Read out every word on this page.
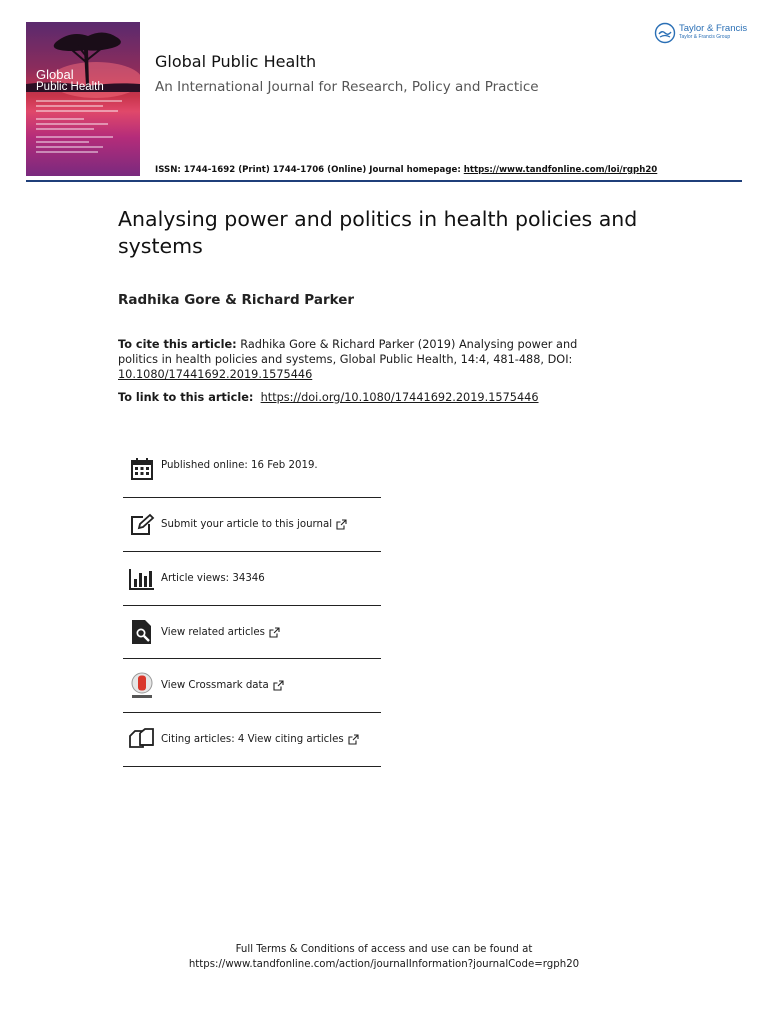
Global
Public Health
Global Public Health
An International Journal for Research, Policy and Practice
ISSN: 1744-1692 (Print) 1744-1706 (Online) Journal homepage: https://www.tandfonline.com/loi/rgph20
Taylor & Francis
Taylor & Francis Group
Analysing power and politics in health policies and systems
Radhika Gore & Richard Parker
To cite this article: Radhika Gore & Richard Parker (2019) Analysing power and politics in health policies and systems, Global Public Health, 14:4, 481-488, DOI: 10.1080/17441692.2019.1575446
To link to this article: https://doi.org/10.1080/17441692.2019.1575446
Published online: 16 Feb 2019.
Submit your article to this journal
Article views: 34346
View related articles
View Crossmark data
Citing articles: 4 View citing articles
Full Terms & Conditions of access and use can be found at
https://www.tandfonline.com/action/journalInformation?journalCode=rgph20
